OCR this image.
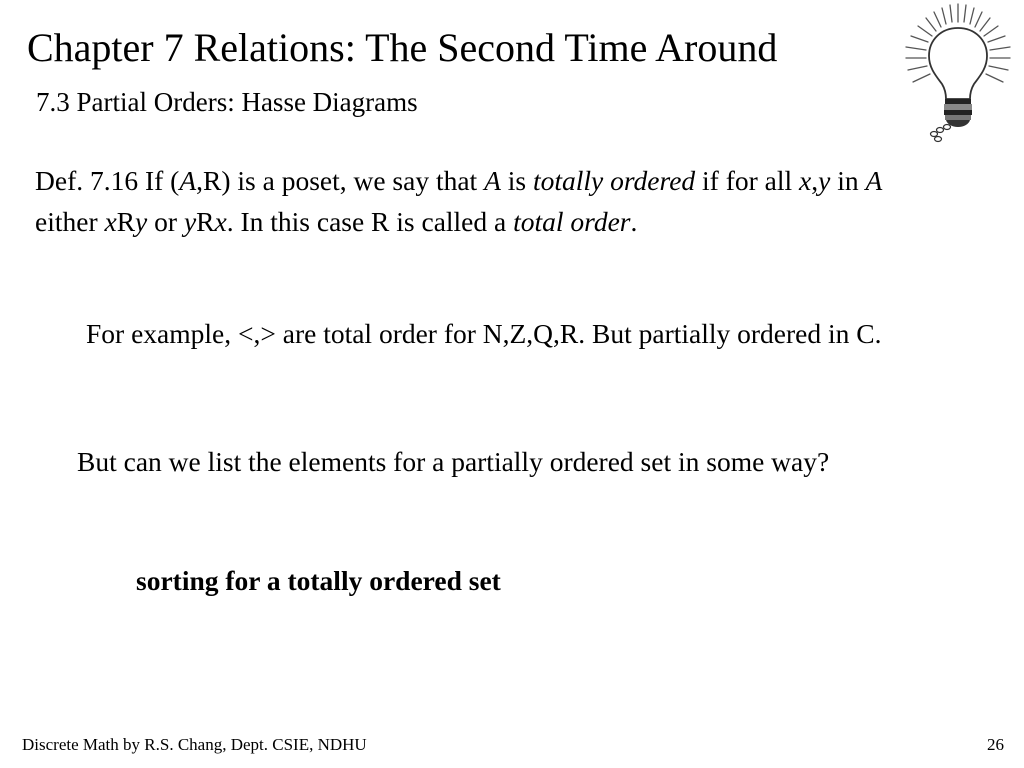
Chapter 7 Relations: The Second Time Around
7.3 Partial Orders: Hasse Diagrams

Def. 7.16 If (A,R) is a poset, we say that A is totally ordered if for all x,y in A either xRy or yRx. In this case R is called a total order.

For example, <,> are total order for N,Z,Q,R. But partially ordered in C.

But can we list the elements for a partially ordered set in some way?

sorting for a totally ordered set

Discrete Math by R.S. Chang, Dept. CSIE, NDHU	26
